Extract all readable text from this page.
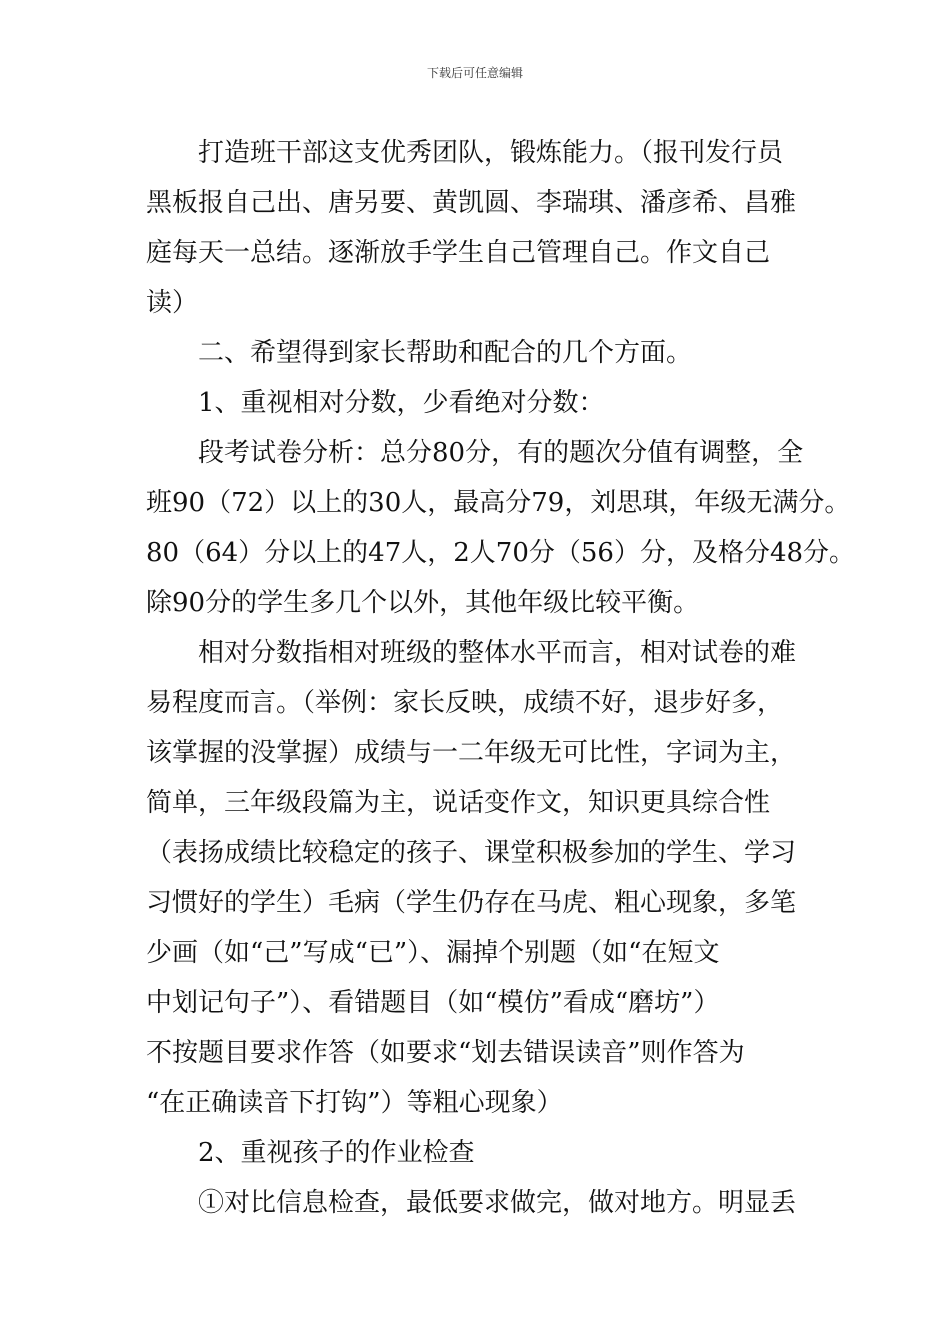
下载后可任意编辑
打造班干部这支优秀团队，锻炼能力。（报刊发行员
黑板报自己出、唐另要、黄凯圆、李瑞琪、潘彦希、昌雅
庭每天一总结。逐渐放手学生自己管理自己。作文自己
读）
二、希望得到家长帮助和配合的几个方面。
1、重视相对分数，少看绝对分数：
段考试卷分析：总分80分，有的题次分值有调整，全
班90（72）以上的30人，最高分79，刘思琪，年级无满分。
80（64）分以上的47人，2人70分（56）分，及格分48分。
除90分的学生多几个以外，其他年级比较平衡。
相对分数指相对班级的整体水平而言，相对试卷的难
易程度而言。（举例：家长反映，成绩不好，退步好多，
该掌握的没掌握）成绩与一二年级无可比性，字词为主，
简单，三年级段篇为主，说话变作文，知识更具综合性
（表扬成绩比较稳定的孩子、课堂积极参加的学生、学习
习惯好的学生）毛病（学生仍存在马虎、粗心现象，多笔
少画（如“己”写成“已”）、漏掉个别题（如“在短文
中划记句子”）、看错题目（如“模仿”看成“磨坊”）
不按题目要求作答（如要求“划去错误读音”则作答为
“在正确读音下打钩”）等粗心现象）
2、重视孩子的作业检查
①对比信息检查，最低要求做完，做对地方。明显丢
